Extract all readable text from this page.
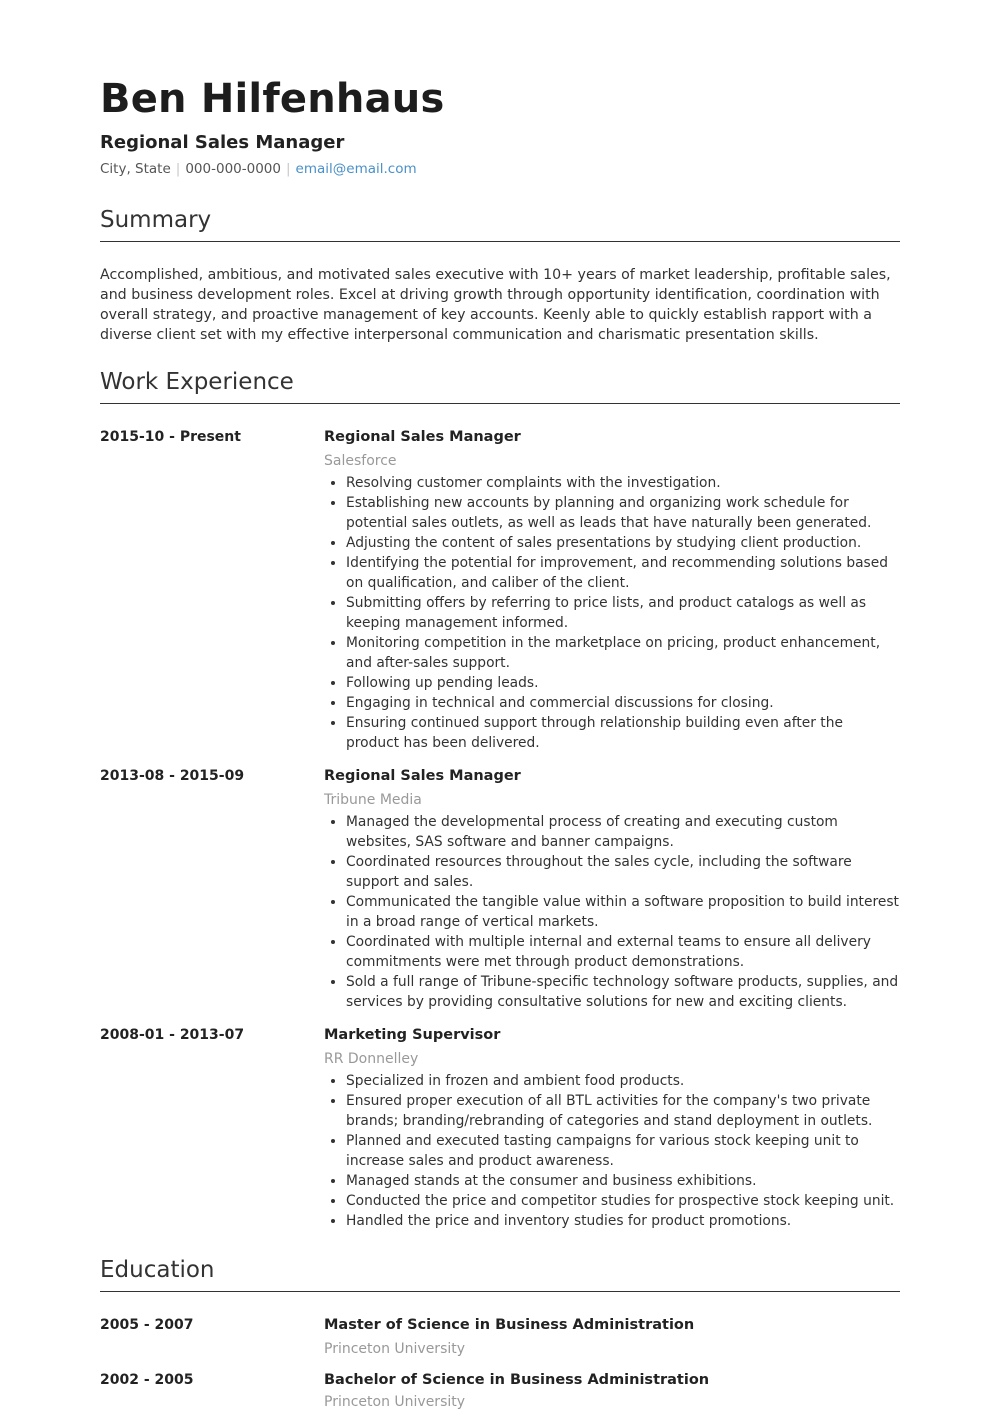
Ben Hilfenhaus
Regional Sales Manager
City, State | 000-000-0000 | email@email.com
Summary

Accomplished, ambitious, and motivated sales executive with 10+ years of market leadership, profitable sales, and business development roles. Excel at driving growth through opportunity identification, coordination with overall strategy, and proactive management of key accounts. Keenly able to quickly establish rapport with a diverse client set with my effective interpersonal communication and charismatic presentation skills.

Work Experience
2015-10 - Present	Regional Sales Manager

Salesforce

• Resolving customer complaints with the investigation.
• Establishing new accounts by planning and organizing work schedule for potential sales outlets, as well as leads that have naturally been generated.
• Adjusting the content of sales presentations by studying client production.
• Identifying the potential for improvement, and recommending solutions based on qualification, and caliber of the client.
• Submitting offers by referring to price lists, and product catalogs as well as keeping management informed.
• Monitoring competition in the marketplace on pricing, product enhancement, and after-sales support.
• Following up pending leads.
• Engaging in technical and commercial discussions for closing.
• Ensuring continued support through relationship building even after the product has been delivered.
2013-08 - 2015-09	Regional Sales Manager

Tribune Media

• Managed the developmental process of creating and executing custom websites, SAS software and banner campaigns.
• Coordinated resources throughout the sales cycle, including the software support and sales.
• Communicated the tangible value within a software proposition to build interest in a broad range of vertical markets.
• Coordinated with multiple internal and external teams to ensure all delivery commitments were met through product demonstrations.
• Sold a full range of Tribune-specific technology software products, supplies, and services by providing consultative solutions for new and exciting clients.
2008-01 - 2013-07	Marketing Supervisor

RR Donnelley

• Specialized in frozen and ambient food products.
• Ensured proper execution of all BTL activities for the company's two private brands; branding/rebranding of categories and stand deployment in outlets.
• Planned and executed tasting campaigns for various stock keeping unit to increase sales and product awareness.
• Managed stands at the consumer and business exhibitions.
• Conducted the price and competitor studies for prospective stock keeping unit.
• Handled the price and inventory studies for product promotions.
Education
2005 - 2007	Master of Science in Business Administration

Princeton University

2002 - 2005	Bachelor of Science in Business Administration

Princeton University
